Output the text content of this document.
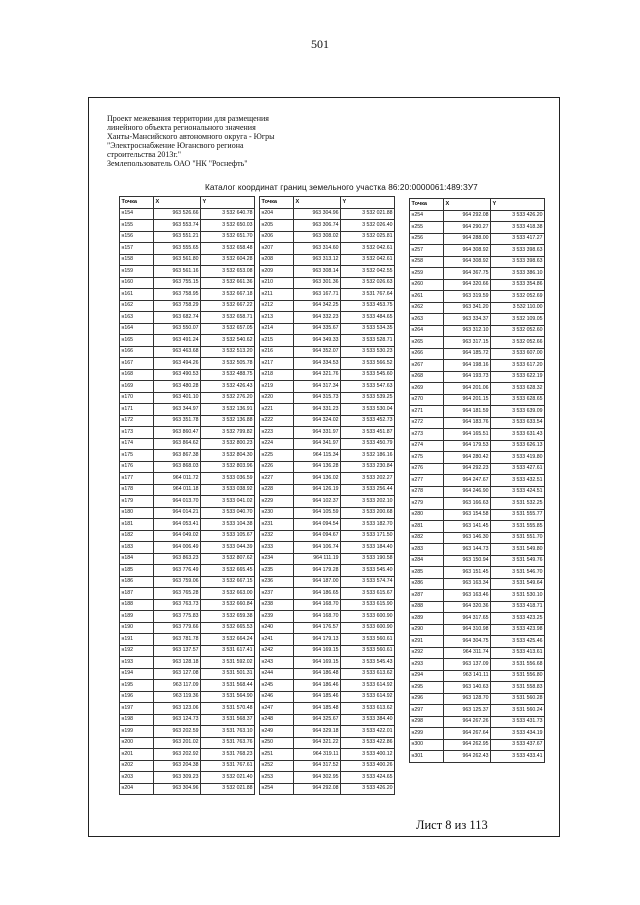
501
Проект межевания территории для размещения
линейного объекта регионального значения
Ханты-Мансийского автономного округа - Югры
"Электроснабжение Югансвого региона
строительства 2013г."
Землепользователь ОАО "НК "Роснефть"
Каталог координат границ земельного участка 86:20:0000061:489:ЗУ7
Точка	X	Y
н154	963 526.66	3 532 640.78
н155	963 553.74	3 532 650.03
н156	963 551.21	3 532 651.70
н157	963 555.65	3 532 658.48
н158	963 561.80	3 532 604.28
н159	963 561.16	3 532 653.08
н160	963 755.15	3 532 661.36
н161	963 758.95	3 532 667.18
н162	963 758.29	3 532 667.22
н163	963 682.74	3 532 658.71
н164	963 550.07	3 532 657.05
н165	963 491.24	3 532 540.62
н166	963 463.68	3 532 513.20
н167	963 494.26	3 532 505.78
н168	963 490.53	3 532 488.75
н169	963 480.28	3 532 426.43
н170	963 401.10	3 532 276.20
н171	963 344.97	3 532 136.91
н172	963 351.78	3 532 136.88
н173	963 860.47	3 532 799.82
н174	963 864.62	3 532 800.23
н175	963 867.38	3 532 804.30
н176	963 868.03	3 532 803.96
н177	964 011.72	3 533 036.59
н178	964 011.18	3 533 038.92
н179	964 013.70	3 533 041.02
н180	964 014.21	3 533 040.70
н181	964 053.41	3 533 104.38
н182	964 049.02	3 533 105.67
н183	964 006.49	3 533 044.39
н184	963 863.23	3 532 807.62
н185	963 776.49	3 532 665.45
н186	963 759.06	3 532 667.15
н187	963 765.28	3 532 663.00
н188	963 763.73	3 532 660.84
н189	963 775.83	3 532 659.38
н190	963 779.66	3 532 665.53
н191	963 781.78	3 532 664.24
н192	963 137.57	3 531 617.41
н193	963 128.18	3 531 592.02
н194	963 127.08	3 531 501.31
н195	963 117.09	3 531 568.44
н196	963 119.36	3 531 564.90
н197	963 123.06	3 531 570.48
н198	963 124.73	3 531 568.37
н199	963 202.59	3 531 763.10
н200	963 201.02	3 531 763.76
н201	963 202.92	3 531 768.23
н202	963 204.38	3 531 767.61
н203	963 309.23	3 532 021.40
н204	963 304.96	3 532 021.88
Точка	X	Y
н204	963 304.96	3 532 021.88
н205	963 306.74	3 532 026.40
н206	963 308.02	3 532 025.81
н207	963 314.60	3 532 042.61
н208	963 313.12	3 532 042.61
н209	963 308.14	3 532 042.55
н210	963 301.36	3 532 026.63
н211	963 167.71	3 531 767.64
н212	964 342.25	3 533 453.75
н213	964 332.23	3 533 484.65
н214	964 335.67	3 533 534.35
н215	964 349.33	3 533 528.71
н216	964 352.07	3 533 530.23
н217	964 334.53	3 533 566.52
н218	964 321.76	3 533 545.60
н219	964 317.34	3 533 547.63
н220	964 315.73	3 533 539.25
н221	964 331.23	3 533 530.04
н222	964 324.02	3 533 452.73
н223	964 331.97	3 533 451.87
н224	964 341.97	3 533 450.79
н225	964 115.34	3 532 186.16
н226	964 136.28	3 533 230.84
н227	964 136.02	3 533 202.27
н228	964 126.19	3 533 256.44
н229	964 102.37	3 533 202.10
н230	964 105.59	3 533 200.68
н231	964 094.54	3 533 182.70
н232	964 094.67	3 533 171.50
н233	964 106.74	3 533 184.40
н234	964 111.19	3 533 190.58
н235	964 179.28	3 533 545.40
н236	964 187.00	3 533 574.74
н237	964 186.65	3 533 615.67
н238	964 168.70	3 533 615.90
н239	964 168.70	3 533 600.90
н240	964 176.57	3 533 600.90
н241	964 179.13	3 533 560.61
н242	964 169.15	3 533 560.61
н243	964 169.15	3 533 545.43
н244	964 186.48	3 533 613.62
н245	964 186.46	3 533 614.92
н246	964 185.46	3 533 614.92
н247	964 185.48	3 533 613.62
н248	964 325.67	3 533 384.40
н249	964 329.18	3 533 422.01
н250	964 321.22	3 533 422.86
н251	964 319.11	3 533 400.12
н252	964 317.52	3 533 400.26
н253	964 302.95	3 533 424.65
н254	964 292.08	3 533 426.20
Точка	X	Y
н254	964 292.08	3 533 426.20
н255	964 290.27	3 533 418.38
н256	964 288.00	3 533 417.27
н257	964 308.92	3 533 398.63
н258	964 308.92	3 533 398.63
н259	964 367.75	3 533 386.10
н260	964 320.66	3 533 354.86
н261	963 319.59	3 532 052.69
н262	963 341.20	3 532 110.00
н263	963 334.37	3 532 109.05
н264	963 312.10	3 532 052.60
н265	963 317.15	3 532 052.66
н266	964 185.72	3 533 607.00
н267	964 198.16	3 533 617.20
н268	964 193.73	3 533 622.19
н269	964 201.06	3 533 628.32
н270	964 201.15	3 533 628.65
н271	964 181.59	3 533 639.09
н272	964 183.76	3 533 633.54
н273	964 165.51	3 533 631.43
н274	964 179.53	3 533 626.13
н275	964 280.42	3 533 419.80
н276	964 292.23	3 533 427.61
н277	964 247.67	3 533 432.51
н278	964 246.90	3 533 424.51
н279	963 166.63	3 531 532.25
н280	963 154.58	3 531 555.77
н281	963 141.45	3 531 555.85
н282	963 146.30	3 531 551.70
н283	963 144.73	3 531 549.80
н284	963 150.94	3 531 549.76
н285	963 151.45	3 531 546.70
н286	963 163.34	3 531 549.64
н287	963 163.46	3 531 530.10
н288	964 320.36	3 533 418.71
н289	964 317.65	3 533 423.25
н290	964 310.98	3 533 423.98
н291	964 304.75	3 533 425.46
н292	964 311.74	3 533 413.61
н293	963 137.09	3 531 556.68
н294	963 141.11	3 531 556.80
н295	963 140.63	3 531 558.83
н296	963 128.70	3 531 560.28
н297	963 125.37	3 531 560.24
н298	964 267.26	3 533 431.73
н299	964 267.64	3 533 434.19
н300	964 262.95	3 533 437.67
н301	964 262.43	3 533 433.41
Лист 8 из 113
